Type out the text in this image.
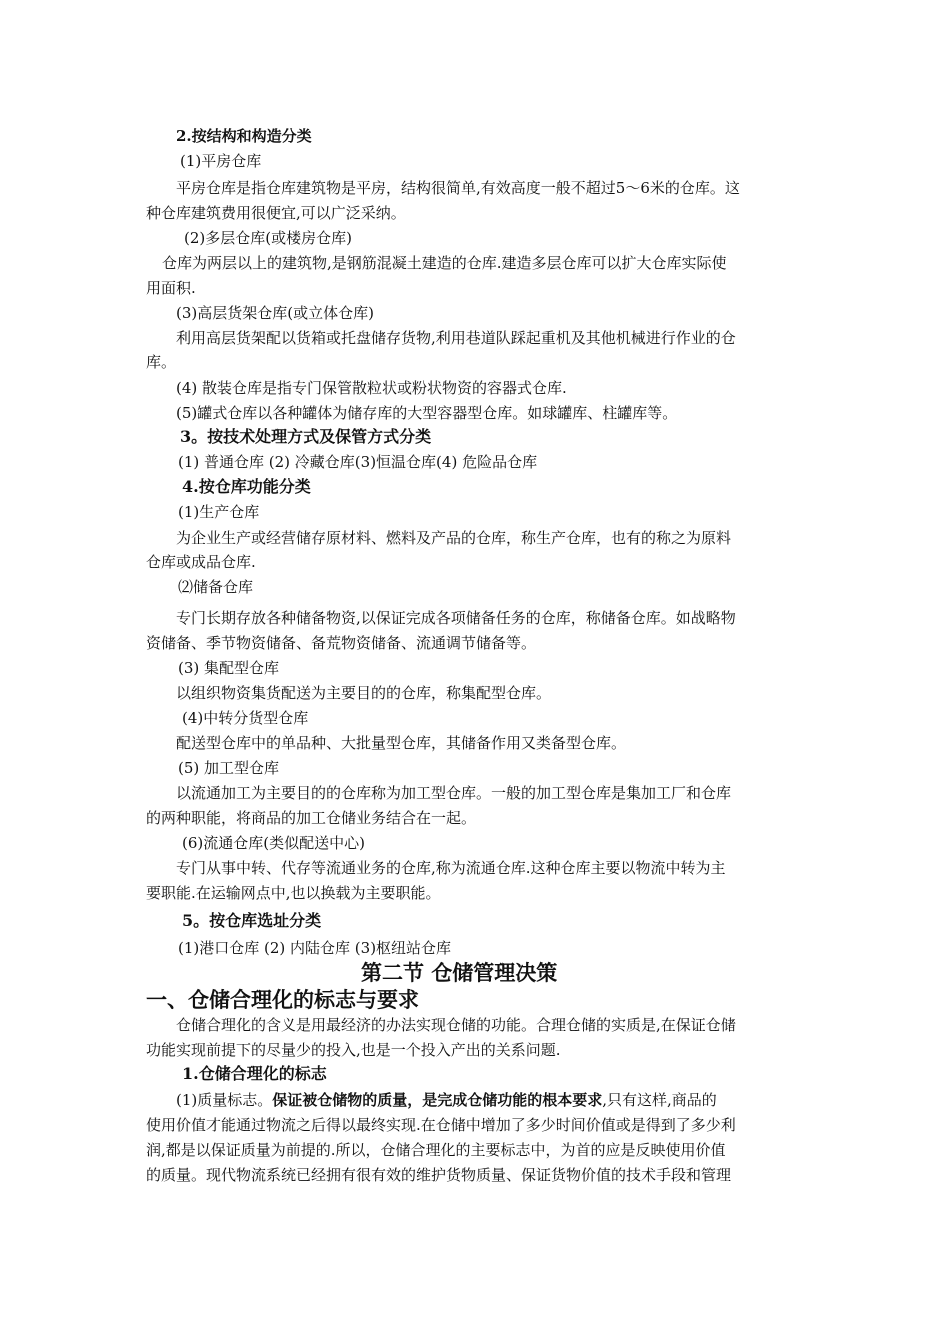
2.按结构和构造分类
(1)平房仓库
平房仓库是指仓库建筑物是平房，结构很简单,有效高度一般不超过5～6米的仓库。这
种仓库建筑费用很便宜,可以广泛采纳。
(2)多层仓库(或楼房仓库)
仓库为两层以上的建筑物,是钢筋混凝土建造的仓库.建造多层仓库可以扩大仓库实际使
用面积.
(3)高层货架仓库(或立体仓库)
利用高层货架配以货箱或托盘储存货物,利用巷道队踩起重机及其他机械进行作业的仓
库。
(4) 散装仓库是指专门保管散粒状或粉状物资的容器式仓库.
(5)罐式仓库以各种罐体为储存库的大型容器型仓库。如球罐库、柱罐库等。
3。按技术处理方式及保管方式分类
(1) 普通仓库 (2) 冷藏仓库(3)恒温仓库(4) 危险品仓库
4.按仓库功能分类
(1)生产仓库
为企业生产或经营储存原材料、燃料及产品的仓库，称生产仓库，也有的称之为原料
仓库或成品仓库.
⑵储备仓库
专门长期存放各种储备物资,以保证完成各项储备任务的仓库，称储备仓库。如战略物
资储备、季节物资储备、备荒物资储备、流通调节储备等。
(3) 集配型仓库
以组织物资集货配送为主要目的的仓库，称集配型仓库。
(4)中转分货型仓库
配送型仓库中的单品种、大批量型仓库，其储备作用又类备型仓库。
(5) 加工型仓库
以流通加工为主要目的的仓库称为加工型仓库。一般的加工型仓库是集加工厂和仓库
的两种职能，将商品的加工仓储业务结合在一起。
(6)流通仓库(类似配送中心)
专门从事中转、代存等流通业务的仓库,称为流通仓库.这种仓库主要以物流中转为主
要职能.在运输网点中,也以换载为主要职能。
5。按仓库选址分类
(1)港口仓库 (2) 内陆仓库 (3)枢纽站仓库
第二节 仓储管理决策
一、仓储合理化的标志与要求
仓储合理化的含义是用最经济的办法实现仓储的功能。合理仓储的实质是,在保证仓储
功能实现前提下的尽量少的投入,也是一个投入产出的关系问题.
1.仓储合理化的标志
(1)质量标志。保证被仓储物的质量，是完成仓储功能的根本要求,只有这样,商品的
使用价值才能通过物流之后得以最终实现.在仓储中增加了多少时间价值或是得到了多少利
润,都是以保证质量为前提的.所以，仓储合理化的主要标志中，为首的应是反映使用价值
的质量。现代物流系统已经拥有很有效的维护货物质量、保证货物价值的技术手段和管理
